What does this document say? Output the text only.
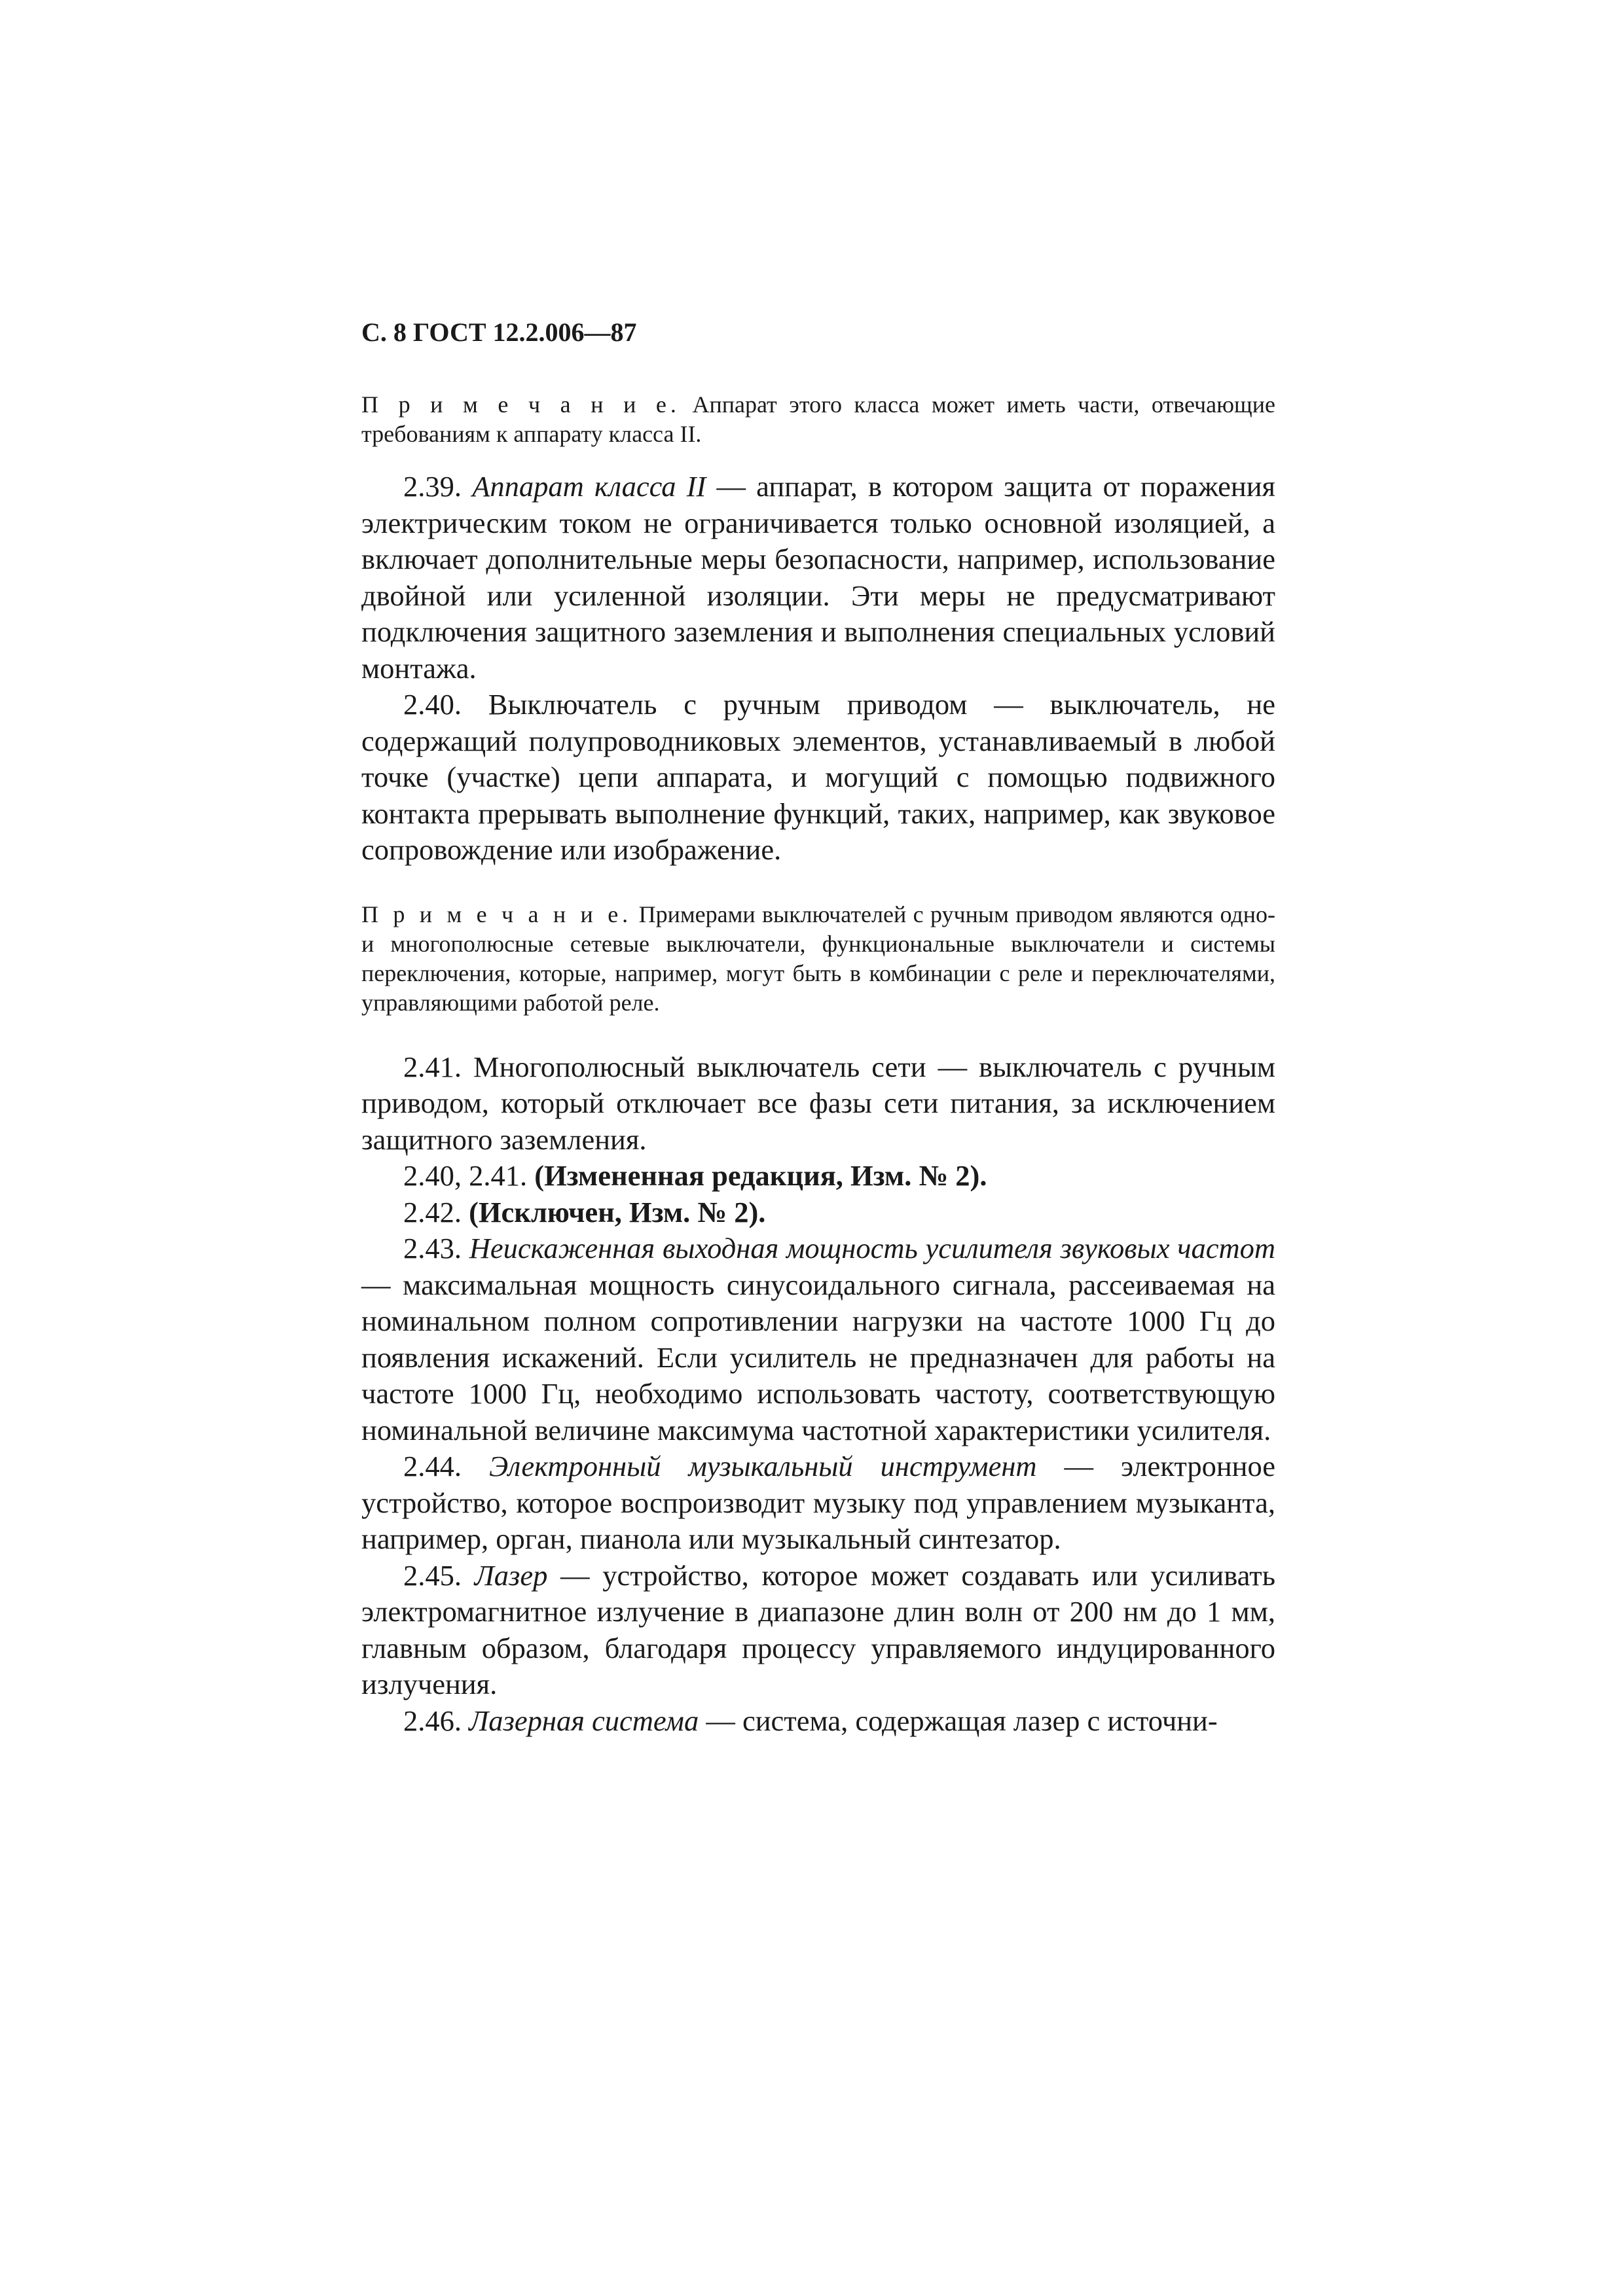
С. 8 ГОСТ 12.2.006—87

П р и м е ч а н и е. Аппарат этого класса может иметь части, отвечающие требованиям к аппарату класса II.

2.39. Аппарат класса II — аппарат, в котором защита от поражения электрическим током не ограничивается только основной изоляцией, а включает дополнительные меры безопасности, например, использование двойной или усиленной изоляции. Эти меры не предусматривают подключения защитного заземления и выполнения специальных условий монтажа.

2.40. Выключатель с ручным приводом — выключатель, не содержащий полупроводниковых элементов, устанавливаемый в любой точке (участке) цепи аппарата, и могущий с помощью подвижного контакта прерывать выполнение функций, таких, например, как звуковое сопровождение или изображение.

П р и м е ч а н и е. Примерами выключателей с ручным приводом являются одно- и многополюсные сетевые выключатели, функциональные выключатели и системы переключения, которые, например, могут быть в комбинации с реле и переключателями, управляющими работой реле.

2.41. Многополюсный выключатель сети — выключатель с ручным приводом, который отключает все фазы сети питания, за исключением защитного заземления.

2.40, 2.41. (Измененная редакция, Изм. № 2).

2.42. (Исключен, Изм. № 2).

2.43. Неискаженная выходная мощность усилителя звуковых частот — максимальная мощность синусоидального сигнала, рассеиваемая на номинальном полном сопротивлении нагрузки на частоте 1000 Гц до появления искажений. Если усилитель не предназначен для работы на частоте 1000 Гц, необходимо использовать частоту, соответствующую номинальной величине максимума частотной характеристики усилителя.

2.44. Электронный музыкальный инструмент — электронное устройство, которое воспроизводит музыку под управлением музыканта, например, орган, пианола или музыкальный синтезатор.

2.45. Лазер — устройство, которое может создавать или усиливать электромагнитное излучение в диапазоне длин волн от 200 нм до 1 мм, главным образом, благодаря процессу управляемого индуцированного излучения.

2.46. Лазерная система — система, содержащая лазер с источни-
